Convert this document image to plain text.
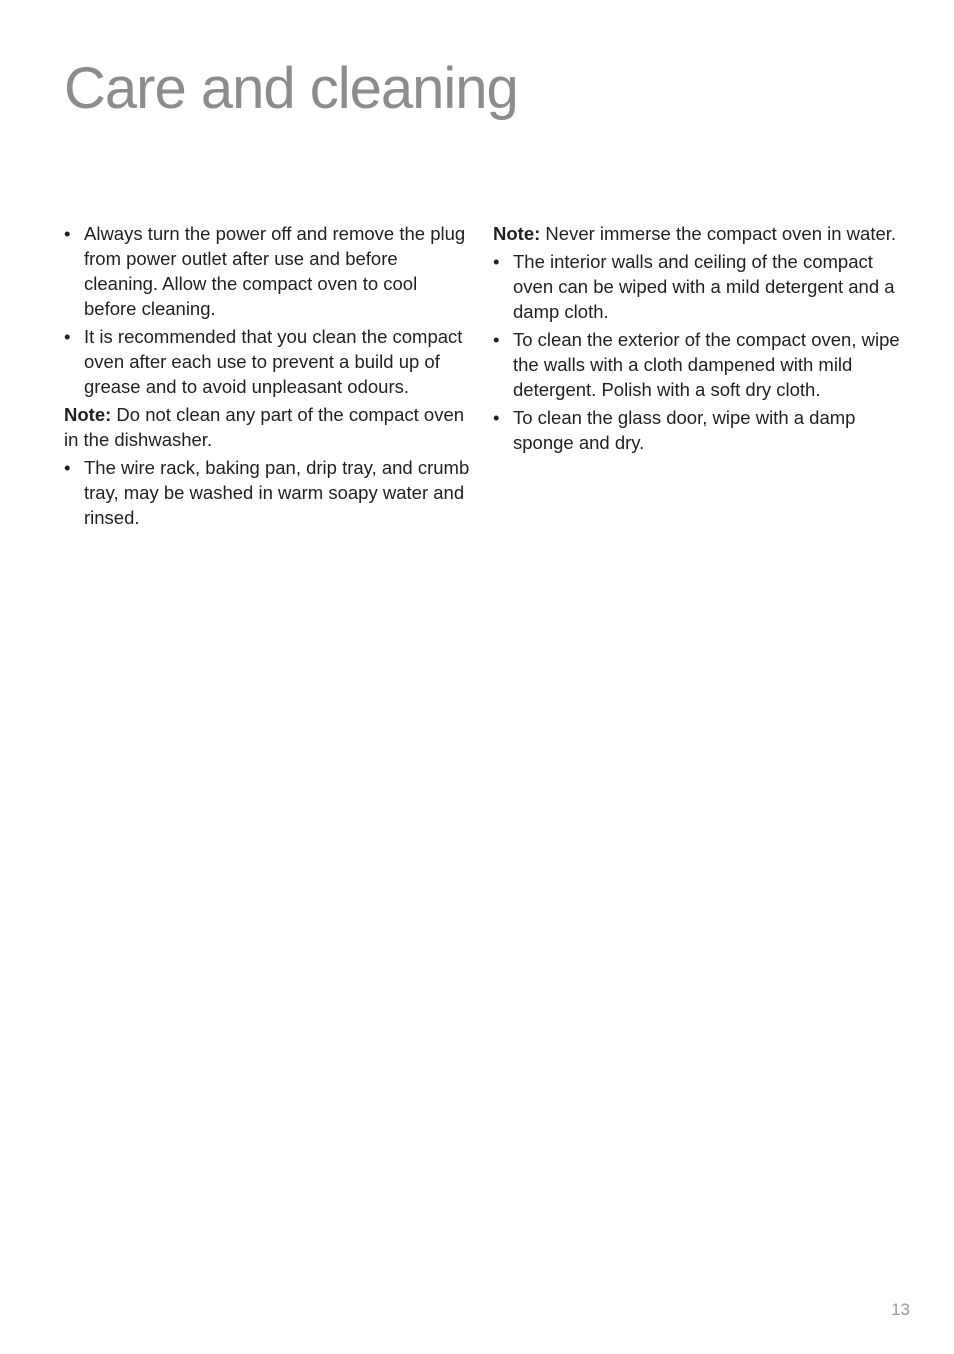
Care and cleaning
• Always turn the power off and remove the plug from power outlet after use and before cleaning. Allow the compact oven to cool before cleaning.
• It is recommended that you clean the compact oven after each use to prevent a build up of grease and to avoid unpleasant odours.

Note: Do not clean any part of the compact oven in the dishwasher.

• The wire rack, baking pan, drip tray, and crumb tray, may be washed in warm soapy water and rinsed.

Note: Never immerse the compact oven in water.

• The interior walls and ceiling of the compact oven can be wiped with a mild detergent and a damp cloth.
• To clean the exterior of the compact oven, wipe the walls with a cloth dampened with mild detergent. Polish with a soft dry cloth.
• To clean the glass door, wipe with a damp sponge and dry.
13
